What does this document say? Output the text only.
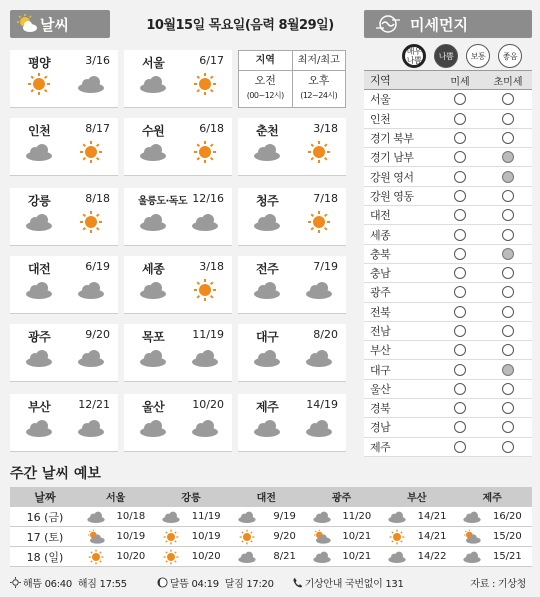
날씨	10월15일 목요일(음력 8월29일)	미세먼지
지역	최저/최고
오전
(00~12시)
오후
(12~24시)
평양	3/16	서울	6/17
인천	8/17	수원	6/18	춘천	3/18
강릉	8/18	울릉도·독도 12/16	청주	7/18
대전	6/19	세종	3/18	전주	7/19
광주	9/20	목포	11/19	대구	8/20
부산	12/21	울산	10/20	제주	14/19
매우
나쁨	나쁨	보통	좋음
지역	미세	초미세
서울
인천
경기 북부
경기 남부
강원 영서
강원 영동
대전
세종
충북
충남
광주
전북
전남
부산
대구
울산
경북
경남
제주
주간 날씨 예보
날짜	서울	강릉	대전	광주	부산	제주
16 (금)	10/18	11/19	9/19	11/20	14/21	16/20
17 (토)	10/19	10/19	9/20	10/21	14/21	15/20
18 (일)	10/20	10/20	8/21	10/21	14/22	15/21
해뜸 06:40 해짐 17:55	달뜸 04:19 달짐 17:20	기상안내 국번없이 131	자료 : 기상청
